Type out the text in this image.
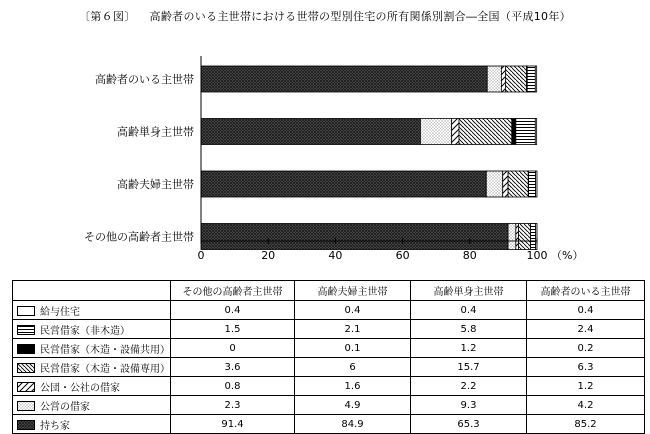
〔第６図〕 高齢者のいる主世帯における世帯の型別住宅の所有関係別割合―全国（平成10年）
高齢者のいる主世帯
高齢単身主世帯
高齢夫婦主世帯
その他の高齢者主世帯
0	20	40	60	80	100 （%）
	その他の高齢者主世帯	高齢夫婦主世帯	高齢単身主世帯	高齢者のいる主世帯
給与住宅	0.4	0.4	0.4	0.4
民営借家（非木造）	1.5	2.1	5.8	2.4
民営借家（木造・設備共用）	0	0.1	1.2	0.2
民営借家（木造・設備専用）	3.6	6	15.7	6.3
公団・公社の借家	0.8	1.6	2.2	1.2
公営の借家	2.3	4.9	9.3	4.2
持ち家	91.4	84.9	65.3	85.2
